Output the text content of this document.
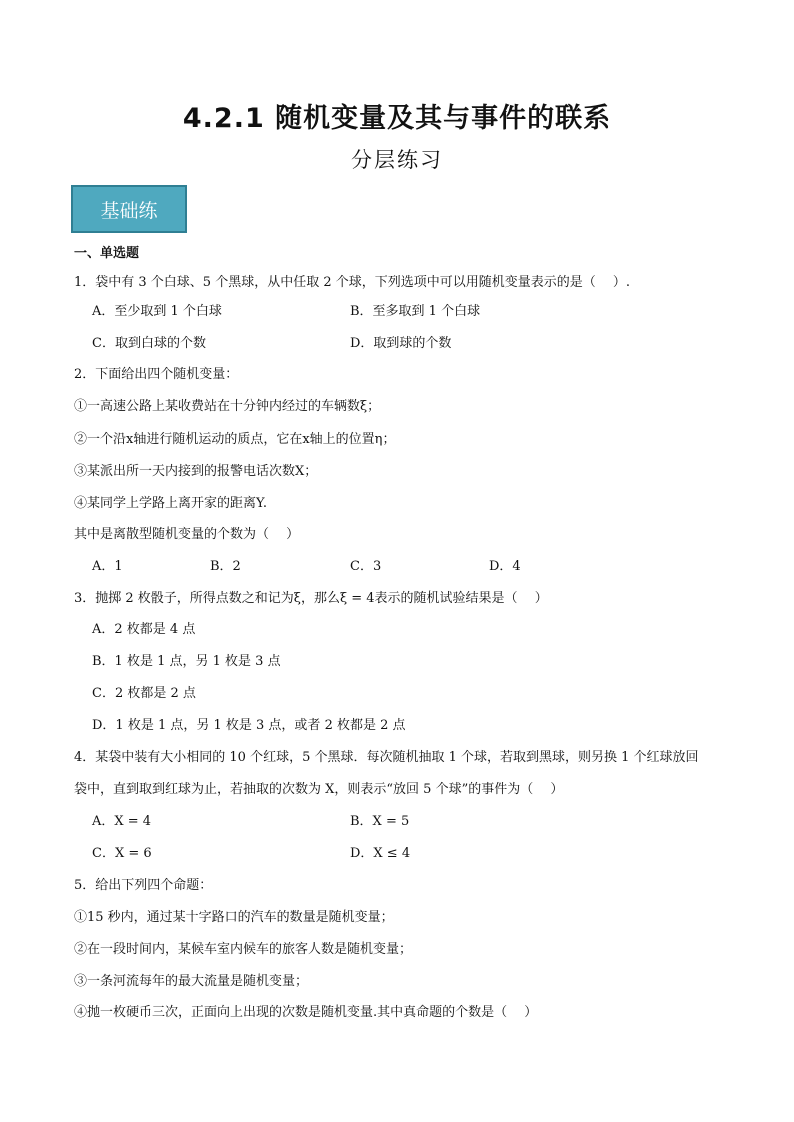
4.2.1 随机变量及其与事件的联系
分层练习
基础练
一、单选题
1．袋中有 3 个白球、5 个黑球，从中任取 2 个球，下列选项中可以用随机变量表示的是（　 ）.
A．至少取到 1 个白球	B．至多取到 1 个白球
C．取到白球的个数	D．取到球的个数
2．下面给出四个随机变量：
①一高速公路上某收费站在十分钟内经过的车辆数ξ；
②一个沿x轴进行随机运动的质点，它在x轴上的位置η；
③某派出所一天内接到的报警电话次数X；
④某同学上学路上离开家的距离Y.
其中是离散型随机变量的个数为（　 ）
A．1	B．2	C．3	D．4
3．抛掷 2 枚骰子，所得点数之和记为ξ，那么ξ = 4表示的随机试验结果是（　 ）
A．2 枚都是 4 点
B．1 枚是 1 点，另 1 枚是 3 点
C．2 枚都是 2 点
D．1 枚是 1 点，另 1 枚是 3 点，或者 2 枚都是 2 点
4．某袋中装有大小相同的 10 个红球，5 个黑球．每次随机抽取 1 个球，若取到黑球，则另换 1 个红球放回
袋中，直到取到红球为止，若抽取的次数为 X，则表示“放回 5 个球”的事件为（　 ）
A．X = 4	B．X = 5
C．X = 6	D．X ≤ 4
5．给出下列四个命题：
①15 秒内，通过某十字路口的汽车的数量是随机变量；
②在一段时间内，某候车室内候车的旅客人数是随机变量；
③一条河流每年的最大流量是随机变量；
④抛一枚硬币三次，正面向上出现的次数是随机变量.其中真命题的个数是（　 ）
